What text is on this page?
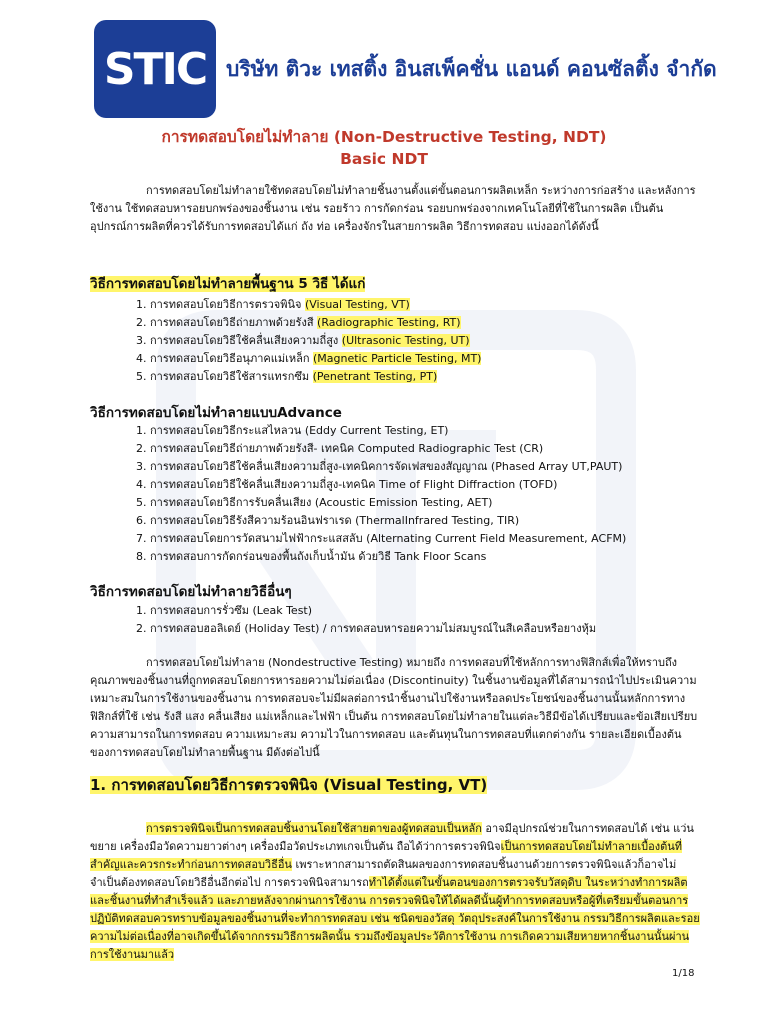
STIC บริษัท ติวะ เทสติ้ง อินสเพ็คชั่น แอนด์ คอนซัลติ้ง จำกัด
การทดสอบโดยไม่ทำลาย (Non-Destructive Testing, NDT)
Basic NDT

การทดสอบโดยไม่ทำลายใช้ทดสอบโดยไม่ทำลายชิ้นงานตั้งแต่ขั้นตอนการผลิตเหล็ก ระหว่างการก่อสร้าง และหลังการใช้งาน ใช้ทดสอบหารอยบกพร่องของชิ้นงาน เช่น รอยร้าว การกัดกร่อน รอยบกพร่องจากเทคโนโลยีที่ใช้ในการผลิต เป็นต้น อุปกรณ์การผลิตที่ควรได้รับการทดสอบได้แก่ ถัง ท่อ เครื่องจักรในสายการผลิต วิธีการทดสอบ แบ่งออกได้ดังนี้

วิธีการทดสอบโดยไม่ทำลายพื้นฐาน 5 วิธี ได้แก่
1. การทดสอบโดยวิธีการตรวจพินิจ (Visual Testing, VT)
2. การทดสอบโดยวิธีถ่ายภาพด้วยรังสี (Radiographic Testing, RT)
3. การทดสอบโดยวิธีใช้คลื่นเสียงความถี่สูง (Ultrasonic Testing, UT)
4. การทดสอบโดยวิธีอนุภาคแม่เหล็ก (Magnetic Particle Testing, MT)
5. การทดสอบโดยวิธีใช้สารแทรกซึม (Penetrant Testing, PT)
วิธีการทดสอบโดยไม่ทำลายแบบAdvance
1. การทดสอบโดยวิธีกระแสไหลวน (Eddy Current Testing, ET)
2. การทดสอบโดยวิธีถ่ายภาพด้วยรังสี- เทคนิค Computed Radiographic Test (CR)
3. การทดสอบโดยวิธีใช้คลื่นเสียงความถี่สูง-เทคนิคการจัดเฟสของสัญญาณ (Phased Array UT,PAUT)
4. การทดสอบโดยวิธีใช้คลื่นเสียงความถี่สูง-เทคนิค Time of Flight Diffraction (TOFD)
5. การทดสอบโดยวิธีการรับคลื่นเสียง (Acoustic Emission Testing, AET)
6. การทดสอบโดยวิธีรังสีความร้อนอินฟราเรด (ThermalInfrared Testing, TIR)
7. การทดสอบโดยการวัดสนามไฟฟ้ากระแสสลับ (Alternating Current Field Measurement, ACFM)
8. การทดสอบการกัดกร่อนของพื้นถังเก็บน้ำมัน ด้วยวิธี Tank Floor Scans
วิธีการทดสอบโดยไม่ทำลายวิธีอื่นๆ
1. การทดสอบการรั่วซึม (Leak Test)
2. การทดสอบฮอลิเดย์ (Holiday Test) / การทดสอบหารอยความไม่สมบูรณ์ในสีเคลือบหรือยางหุ้ม

การทดสอบโดยไม่ทำลาย (Nondestructive Testing) หมายถึง การทดสอบที่ใช้หลักการทางฟิสิกส์เพื่อให้ทราบถึงคุณภาพของชิ้นงานที่ถูกทดสอบโดยการหารอยความไม่ต่อเนื่อง (Discontinuity) ในชิ้นงานข้อมูลที่ได้สามารถนำไปประเมินความเหมาะสมในการใช้งานของชิ้นงาน การทดสอบจะไม่มีผลต่อการนำชิ้นงานไปใช้งานหรือลดประโยชน์ของชิ้นงานนั้นหลักการทางฟิสิกส์ที่ใช้ เช่น รังสี แสง คลื่นเสียง แม่เหล็กและไฟฟ้า เป็นต้น การทดสอบโดยไม่ทำลายในแต่ละวิธีมีข้อได้เปรียบและข้อเสียเปรียบ ความสามารถในการทดสอบ ความเหมาะสม ความไวในการทดสอบ และต้นทุนในการทดสอบที่แตกต่างกัน รายละเอียดเบื้องต้นของการทดสอบโดยไม่ทำลายพื้นฐาน มีดังต่อไปนี้

1. การทดสอบโดยวิธีการตรวจพินิจ (Visual Testing, VT)

การตรวจพินิจเป็นการทดสอบชิ้นงานโดยใช้สายตาของผู้ทดสอบเป็นหลัก อาจมีอุปกรณ์ช่วยในการทดสอบได้ เช่น แว่นขยาย เครื่องมือวัดความยาวต่างๆ เครื่องมือวัดประเภทเกจเป็นต้น ถือได้ว่าการตรวจพินิจเป็นการทดสอบโดยไม่ทำลายเบื้องต้นที่สำคัญและควรกระทำก่อนการทดสอบวิธีอื่น เพราะหากสามารถตัดสินผลของการทดสอบชิ้นงานด้วยการตรวจพินิจแล้วก็อาจไม่จำเป็นต้องทดสอบโดยวิธีอื่นอีกต่อไป การตรวจพินิจสามารถทำได้ตั้งแต่ในขั้นตอนของการตรวจรับวัสดุดิบ ในระหว่างทำการผลิตและชิ้นงานที่ทำสำเร็จแล้ว และภายหลังจากผ่านการใช้งาน การตรวจพินิจให้ได้ผลดีนั้นผู้ทำการทดสอบหรือผู้ที่เตรียมขั้นตอนการปฏิบัติทดสอบควรทราบข้อมูลของชิ้นงานที่จะทำการทดสอบ เช่น ชนิดของวัสดุ วัตถุประสงค์ในการใช้งาน กรรมวิธีการผลิตและรอยความไม่ต่อเนื่องที่อาจเกิดขึ้นได้จากกรรมวิธีการผลิตนั้น รวมถึงข้อมูลประวัติการใช้งาน การเกิดความเสียหายหากชิ้นงานนั้นผ่านการใช้งานมาแล้ว

1/18
